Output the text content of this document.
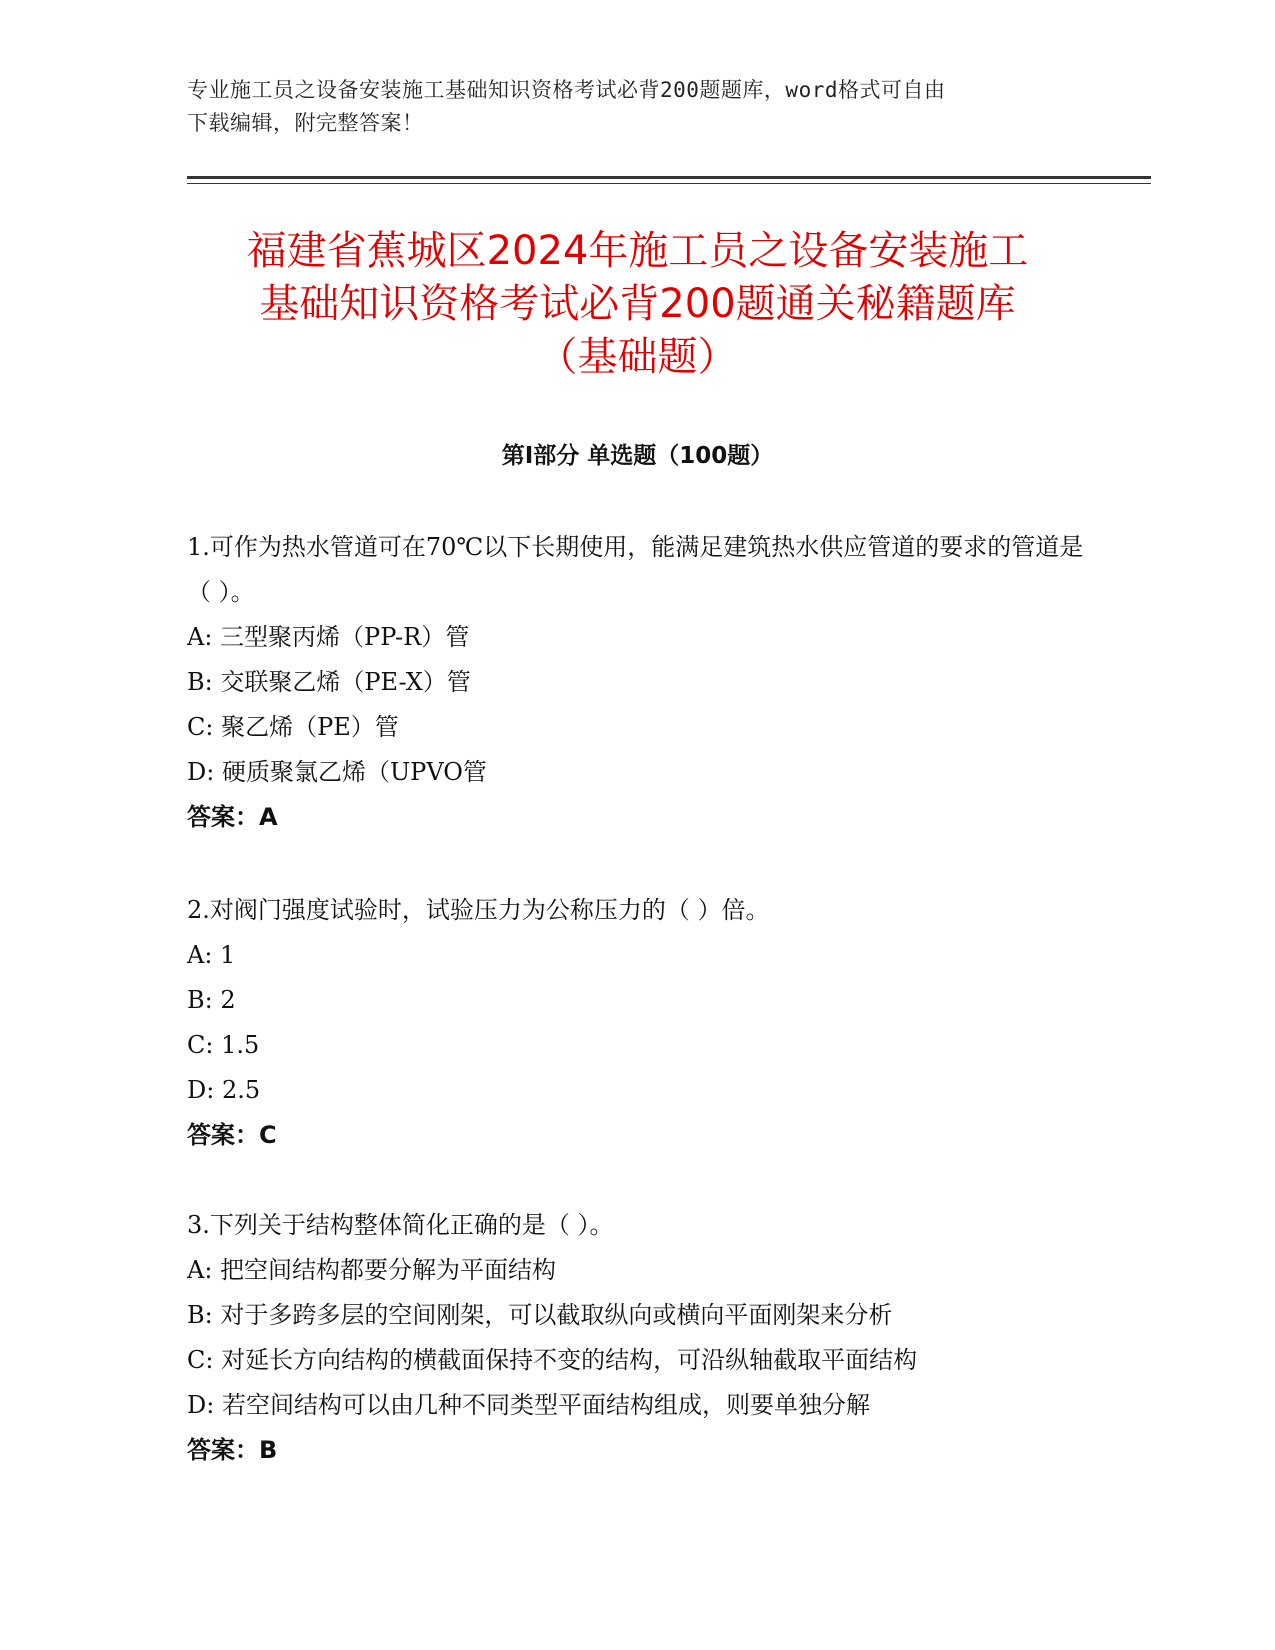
专业施工员之设备安装施工基础知识资格考试必背200题题库，word格式可自由
下载编辑，附完整答案！
福建省蕉城区2024年施工员之设备安装施工
基础知识资格考试必背200题通关秘籍题库
（基础题）
第I部分 单选题（100题）

1.可作为热水管道可在70℃以下长期使用，能满足建筑热水供应管道的要求的管道是（ ）。

A: 三型聚丙烯（PP-R）管

B: 交联聚乙烯（PE-X）管

C: 聚乙烯（PE）管

D: 硬质聚氯乙烯（UPVO管

答案：A

2.对阀门强度试验时，试验压力为公称压力的（ ）倍。

A: 1

B: 2

C: 1.5

D: 2.5

答案：C

3.下列关于结构整体简化正确的是（ ）。

A: 把空间结构都要分解为平面结构

B: 对于多跨多层的空间刚架，可以截取纵向或横向平面刚架来分析

C: 对延长方向结构的横截面保持不变的结构，可沿纵轴截取平面结构

D: 若空间结构可以由几种不同类型平面结构组成，则要单独分解

答案：B
